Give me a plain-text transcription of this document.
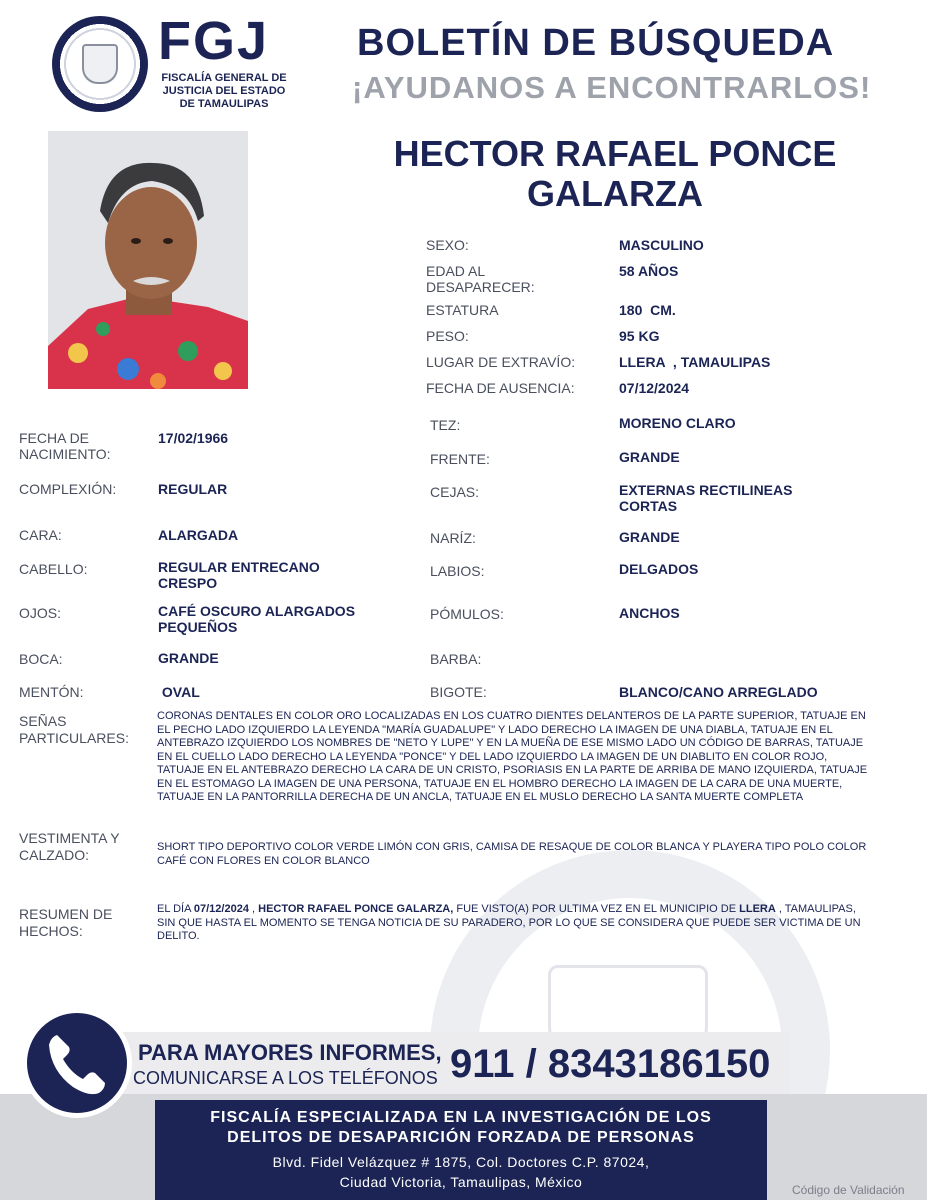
FGJ
FISCALÍA GENERAL DE
JUSTICIA DEL ESTADO
DE TAMAULIPAS
BOLETÍN DE BÚSQUEDA
¡AYUDANOS A ENCONTRARLOS!
HECTOR RAFAEL PONCE
GALARZA
SEXO:	MASCULINO
EDAD AL
DESAPARECER:
58 AÑOS
ESTATURA	180  CM.
PESO:	95 KG
LUGAR DE EXTRAVÍO:	LLERA  , TAMAULIPAS
FECHA DE AUSENCIA:	07/12/2024
FECHA DE
NACIMIENTO:
17/02/1966
COMPLEXIÓN:	REGULAR
CARA:	ALARGADA
CABELLO:	REGULAR ENTRECANO
CRESPO
OJOS:	CAFÉ OSCURO ALARGADOS
PEQUEÑOS
BOCA:	GRANDE
MENTÓN:	OVAL
TEZ:	MORENO CLARO
FRENTE:	GRANDE
CEJAS:	EXTERNAS RECTILINEAS
CORTAS
NARÍZ:	GRANDE
LABIOS:	DELGADOS
PÓMULOS:	ANCHOS
BARBA:
BIGOTE:	BLANCO/CANO ARREGLADO
SEÑAS
PARTICULARES:
CORONAS DENTALES EN COLOR ORO LOCALIZADAS EN LOS CUATRO DIENTES DELANTEROS DE LA PARTE SUPERIOR, TATUAJE EN EL PECHO LADO IZQUIERDO LA LEYENDA "MARÍA GUADALUPE" Y LADO DERECHO LA IMAGEN DE UNA DIABLA, TATUAJE EN EL ANTEBRAZO IZQUIERDO LOS NOMBRES DE "NETO Y LUPE" Y EN LA MUEÑA DE ESE MISMO LADO UN CÓDIGO DE BARRAS, TATUAJE EN EL CUELLO LADO DERECHO LA LEYENDA "PONCE" Y DEL LADO IZQUIERDO LA IMAGEN DE UN DIABLITO EN COLOR ROJO, TATUAJE EN EL ANTEBRAZO DERECHO LA CARA DE UN CRISTO, PSORIASIS EN LA PARTE DE ARRIBA DE MANO IZQUIERDA, TATUAJE EN EL ESTOMAGO LA IMAGEN DE UNA PERSONA, TATUAJE EN EL HOMBRO DERECHO LA IMAGEN DE LA CARA DE UNA MUERTE, TATUAJE EN LA PANTORRILLA DERECHA DE UN ANCLA, TATUAJE EN EL MUSLO DERECHO LA SANTA MUERTE COMPLETA
VESTIMENTA Y
CALZADO:	SHORT TIPO DEPORTIVO COLOR VERDE LIMÓN CON GRIS, CAMISA DE RESAQUE DE COLOR BLANCA Y PLAYERA TIPO POLO COLOR CAFÉ CON FLORES EN COLOR BLANCO
RESUMEN DE
HECHOS:
EL DÍA 07/12/2024 , HECTOR RAFAEL PONCE GALARZA, FUE VISTO(A) POR ULTIMA VEZ EN EL MUNICIPIO DE LLERA , TAMAULIPAS, SIN QUE HASTA EL MOMENTO SE TENGA NOTICIA DE SU PARADERO, POR LO QUE SE CONSIDERA QUE PUEDE SER VICTIMA DE UN DELITO.
PARA MAYORES INFORMES,
COMUNICARSE A LOS TELÉFONOS 911 / 8343186150
FISCALÍA ESPECIALIZADA EN LA INVESTIGACIÓN DE LOS
DELITOS DE DESAPARICIÓN FORZADA DE PERSONAS
Blvd. Fidel Velázquez # 1875, Col. Doctores C.P. 87024,
Ciudad Victoria, Tamaulipas, México	Código de Validación
